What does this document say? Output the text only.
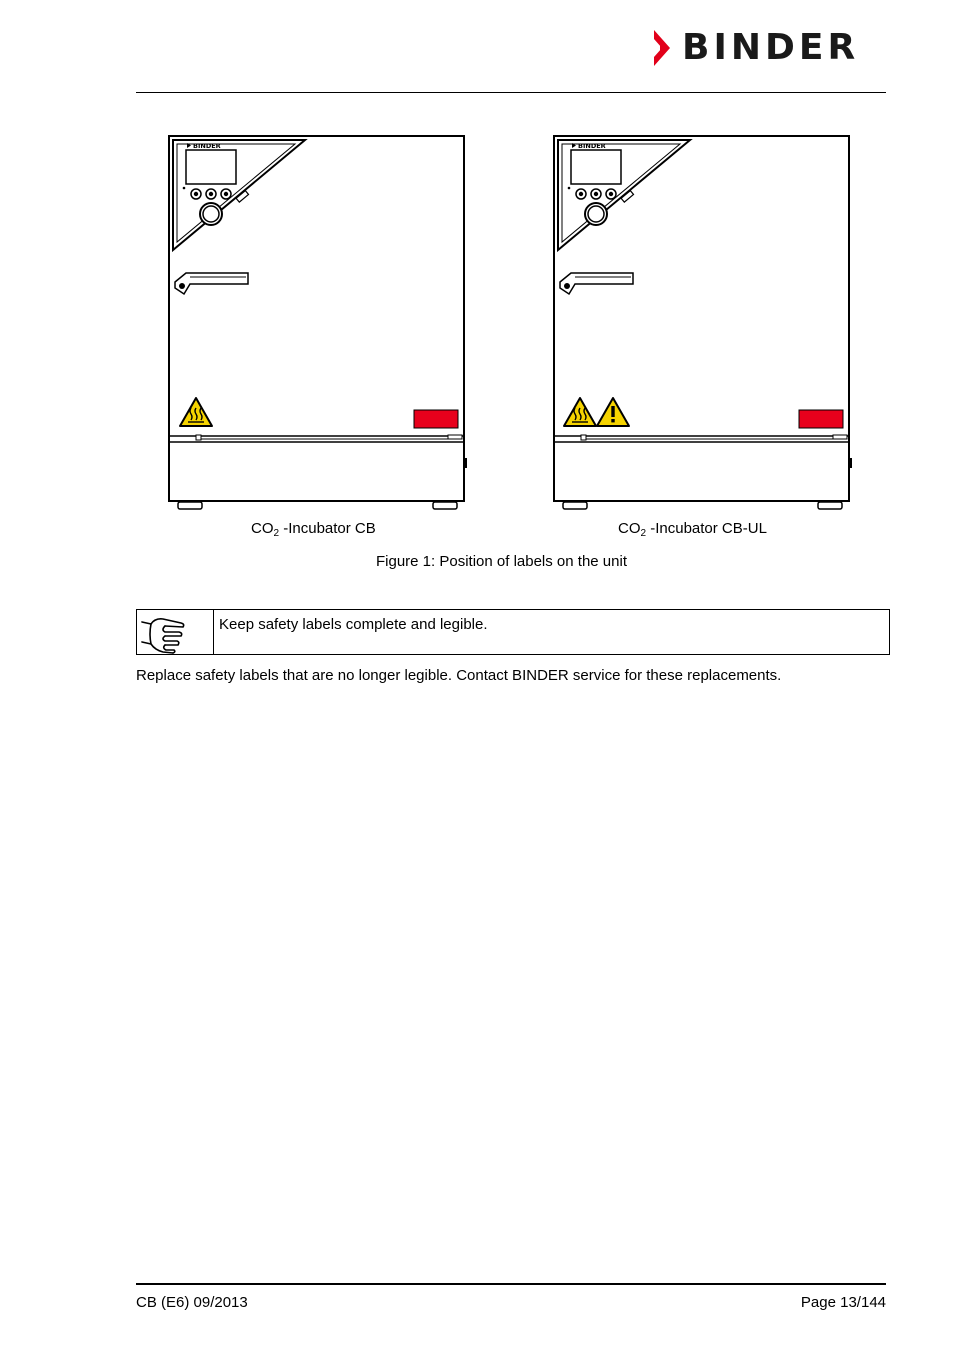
BINDER
BINDER	BINDER
$CO_2$ -Incubator CB	$CO_2$ -Incubator CB-UL
Figure 1: Position of labels on the unit
Keep safety labels complete and legible.
Replace safety labels that are no longer legible. Contact BINDER service for these replacements.
CB (E6) 09/2013	Page 13/144
